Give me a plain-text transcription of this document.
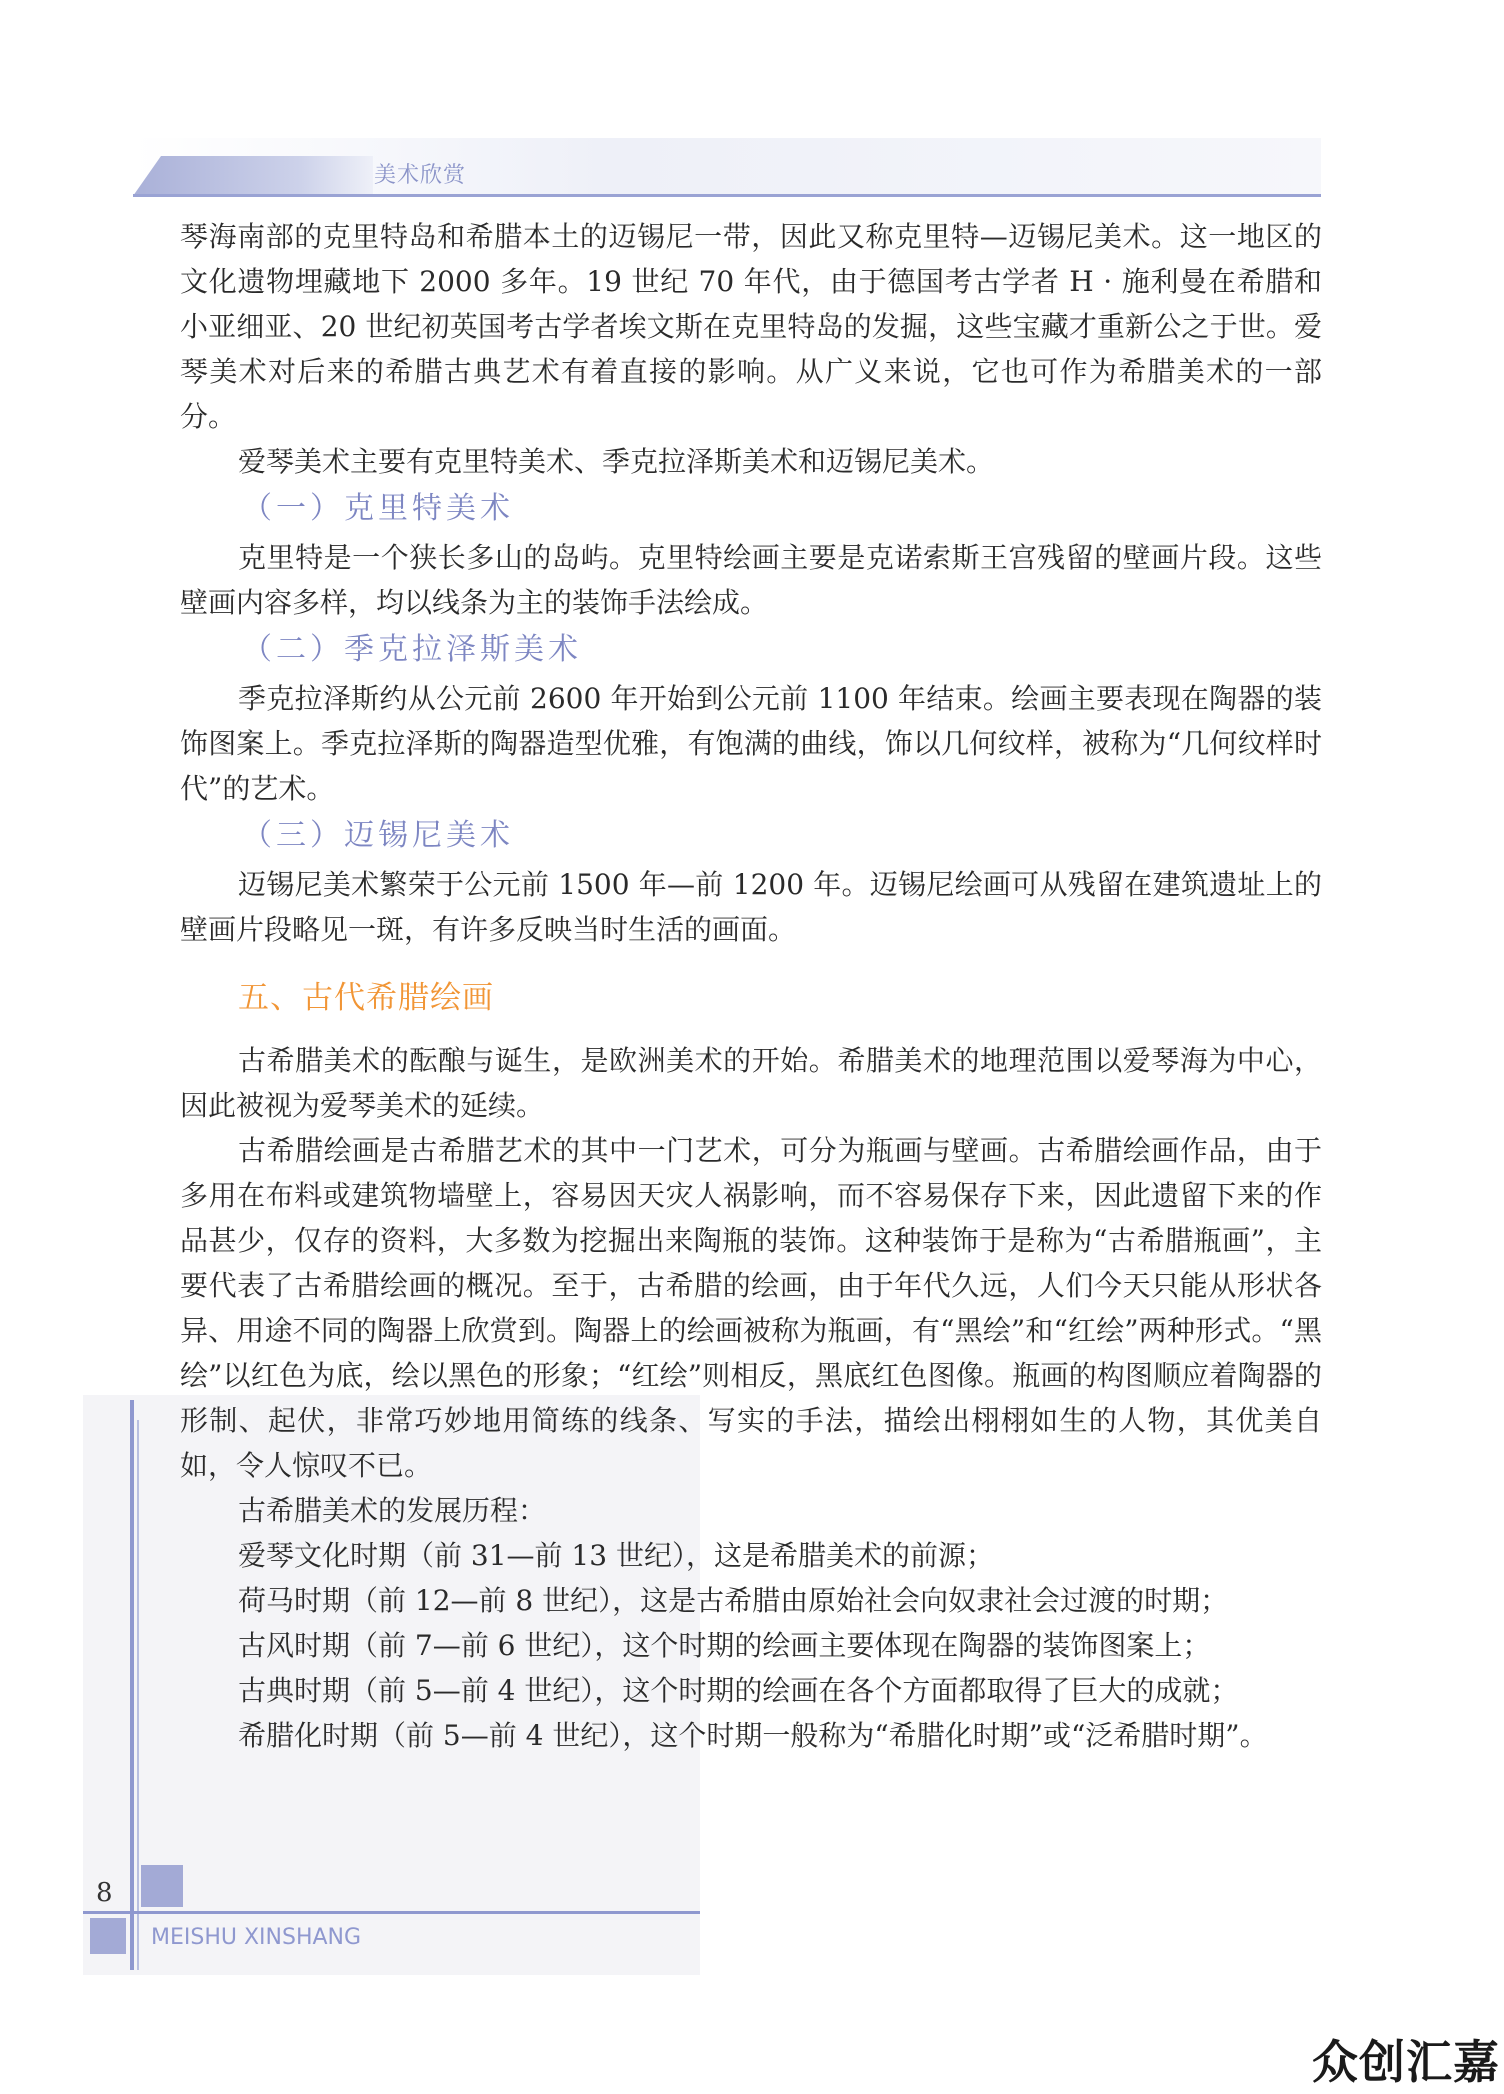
美术欣赏
8
MEISHU XINSHANG

琴海南部的克里特岛和希腊本土的迈锡尼一带，因此又称克里特—迈锡尼美术。这一地区的文化遗物埋藏地下 2000 多年。19 世纪 70 年代，由于德国考古学者 H · 施利曼在希腊和小亚细亚、20 世纪初英国考古学者埃文斯在克里特岛的发掘，这些宝藏才重新公之于世。爱琴美术对后来的希腊古典艺术有着直接的影响。从广义来说，它也可作为希腊美术的一部分。

爱琴美术主要有克里特美术、季克拉泽斯美术和迈锡尼美术。

（一）克里特美术

克里特是一个狭长多山的岛屿。克里特绘画主要是克诺索斯王宫残留的壁画片段。这些壁画内容多样，均以线条为主的装饰手法绘成。

（二）季克拉泽斯美术

季克拉泽斯约从公元前 2600 年开始到公元前 1100 年结束。绘画主要表现在陶器的装饰图案上。季克拉泽斯的陶器造型优雅，有饱满的曲线，饰以几何纹样，被称为“几何纹样时代”的艺术。

（三）迈锡尼美术

迈锡尼美术繁荣于公元前 1500 年—前 1200 年。迈锡尼绘画可从残留在建筑遗址上的壁画片段略见一斑，有许多反映当时生活的画面。

五、古代希腊绘画

古希腊美术的酝酿与诞生，是欧洲美术的开始。希腊美术的地理范围以爱琴海为中心，因此被视为爱琴美术的延续。

古希腊绘画是古希腊艺术的其中一门艺术，可分为瓶画与壁画。古希腊绘画作品，由于多用在布料或建筑物墙壁上，容易因天灾人祸影响，而不容易保存下来，因此遗留下来的作品甚少，仅存的资料，大多数为挖掘出来陶瓶的装饰。这种装饰于是称为“古希腊瓶画”，主要代表了古希腊绘画的概况。至于，古希腊的绘画，由于年代久远，人们今天只能从形状各异、用途不同的陶器上欣赏到。陶器上的绘画被称为瓶画，有“黑绘”和“红绘”两种形式。“黑绘”以红色为底，绘以黑色的形象；“红绘”则相反，黑底红色图像。瓶画的构图顺应着陶器的形制、起伏，非常巧妙地用简练的线条、写实的手法，描绘出栩栩如生的人物，其优美自如，令人惊叹不已。

古希腊美术的发展历程：

爱琴文化时期（前 31—前 13 世纪），这是希腊美术的前源；

荷马时期（前 12—前 8 世纪），这是古希腊由原始社会向奴隶社会过渡的时期；

古风时期（前 7—前 6 世纪），这个时期的绘画主要体现在陶器的装饰图案上；

古典时期（前 5—前 4 世纪），这个时期的绘画在各个方面都取得了巨大的成就；

希腊化时期（前 5—前 4 世纪），这个时期一般称为“希腊化时期”或“泛希腊时期”。

众创汇嘉
